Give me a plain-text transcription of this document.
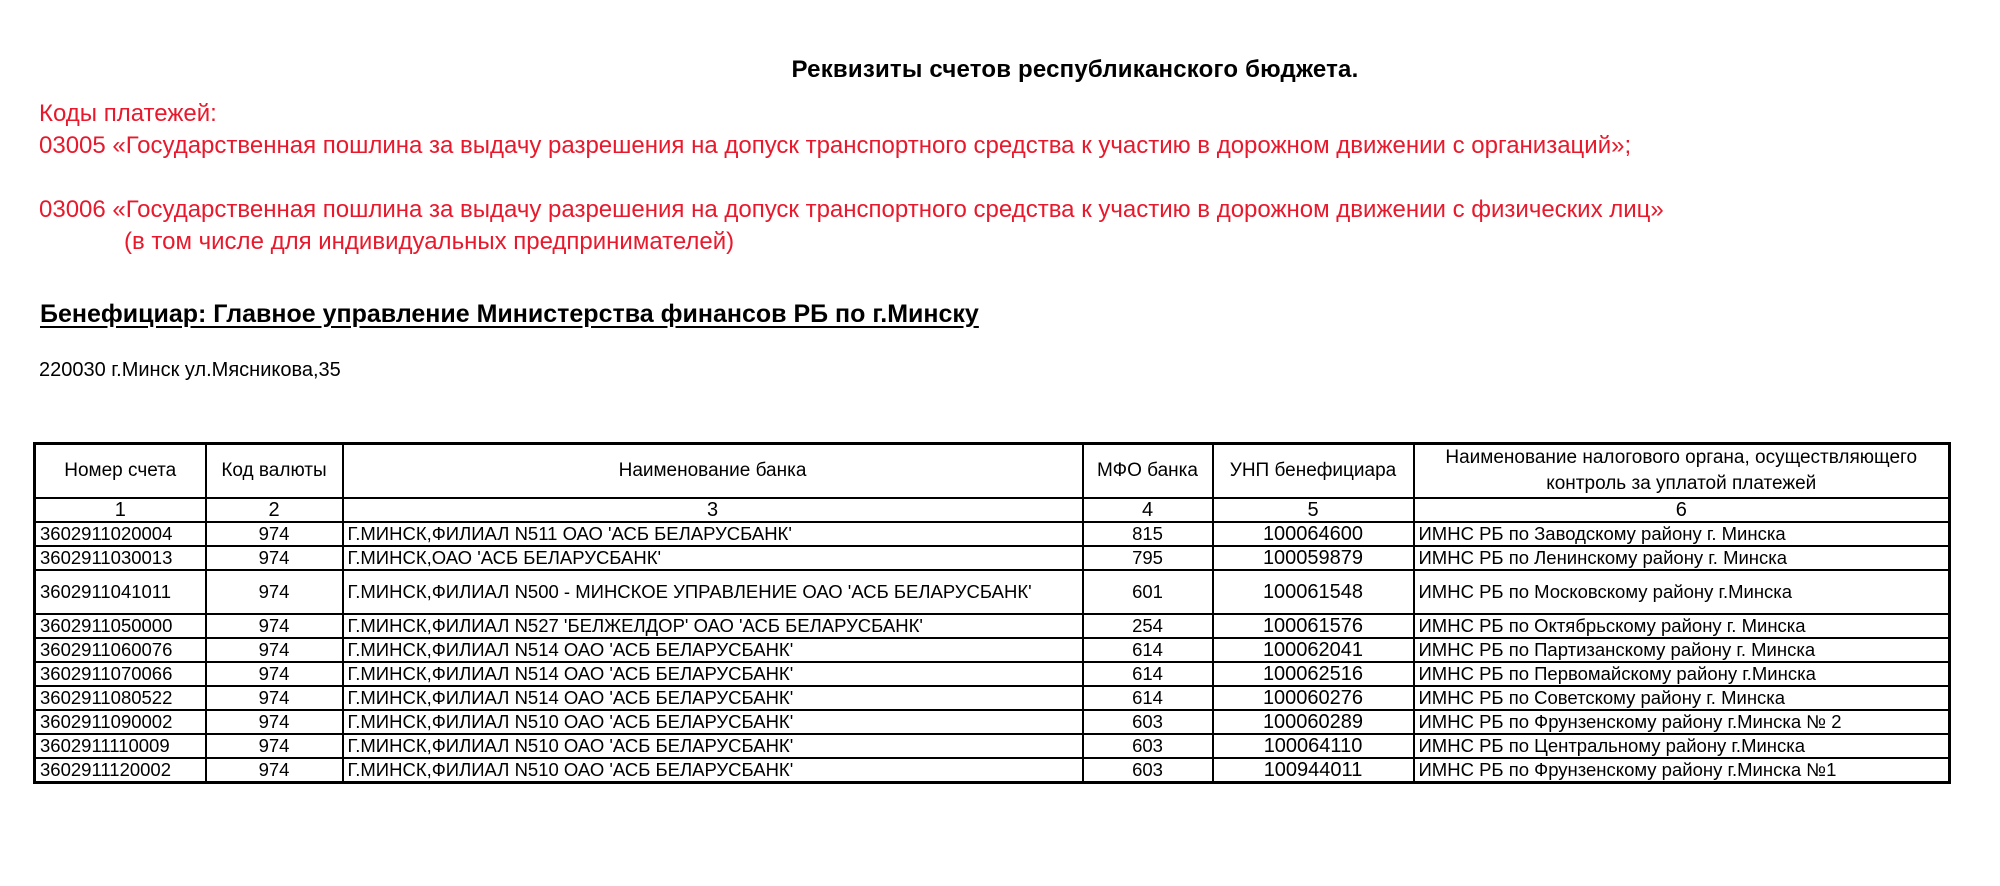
Реквизиты счетов республиканского бюджета.
Коды платежей:
03005 «Государственная пошлина за выдачу разрешения на допуск транспортного средства к участию в дорожном движении с организаций»;
03006 «Государственная пошлина за выдачу разрешения на допуск транспортного средства к участию в дорожном движении с физических лиц»
(в том числе для индивидуальных предпринимателей)
Бенефициар: Главное управление Министерства финансов РБ по г.Минску
220030 г.Минск ул.Мясникова,35
Номер счета	Код валюты	Наименование банка	МФО банка	УНП бенефициара	Наименование налогового органа, осуществляющего контроль за уплатой платежей
1	2	3	4	5	6
3602911020004	974	Г.МИНСК,ФИЛИАЛ N511 ОАО 'АСБ БЕЛАРУСБАНК'	815	100064600	ИМНС РБ по Заводскому району г. Минска
3602911030013	974	Г.МИНСК,ОАО 'АСБ БЕЛАРУСБАНК'	795	100059879	ИМНС РБ по Ленинскому району г. Минска
3602911041011	974	Г.МИНСК,ФИЛИАЛ N500 - МИНСКОЕ УПРАВЛЕНИЕ ОАО 'АСБ БЕЛАРУСБАНК'	601	100061548	ИМНС РБ по Московскому району г.Минска
3602911050000	974	Г.МИНСК,ФИЛИАЛ N527 'БЕЛЖЕЛДОР' ОАО 'АСБ БЕЛАРУСБАНК'	254	100061576	ИМНС РБ по Октябрьскому району г. Минска
3602911060076	974	Г.МИНСК,ФИЛИАЛ N514 ОАО 'АСБ БЕЛАРУСБАНК'	614	100062041	ИМНС РБ по Партизанскому району г. Минска
3602911070066	974	Г.МИНСК,ФИЛИАЛ N514 ОАО 'АСБ БЕЛАРУСБАНК'	614	100062516	ИМНС РБ по Первомайскому району г.Минска
3602911080522	974	Г.МИНСК,ФИЛИАЛ N514 ОАО 'АСБ БЕЛАРУСБАНК'	614	100060276	ИМНС РБ по Советскому району г. Минска
3602911090002	974	Г.МИНСК,ФИЛИАЛ N510 ОАО 'АСБ БЕЛАРУСБАНК'	603	100060289	ИМНС РБ по Фрунзенскому району г.Минска № 2
3602911110009	974	Г.МИНСК,ФИЛИАЛ N510 ОАО 'АСБ БЕЛАРУСБАНК'	603	100064110	ИМНС РБ по Центральному району г.Минска
3602911120002	974	Г.МИНСК,ФИЛИАЛ N510 ОАО 'АСБ БЕЛАРУСБАНК'	603	100944011	ИМНС РБ по Фрунзенскому району г.Минска №1
